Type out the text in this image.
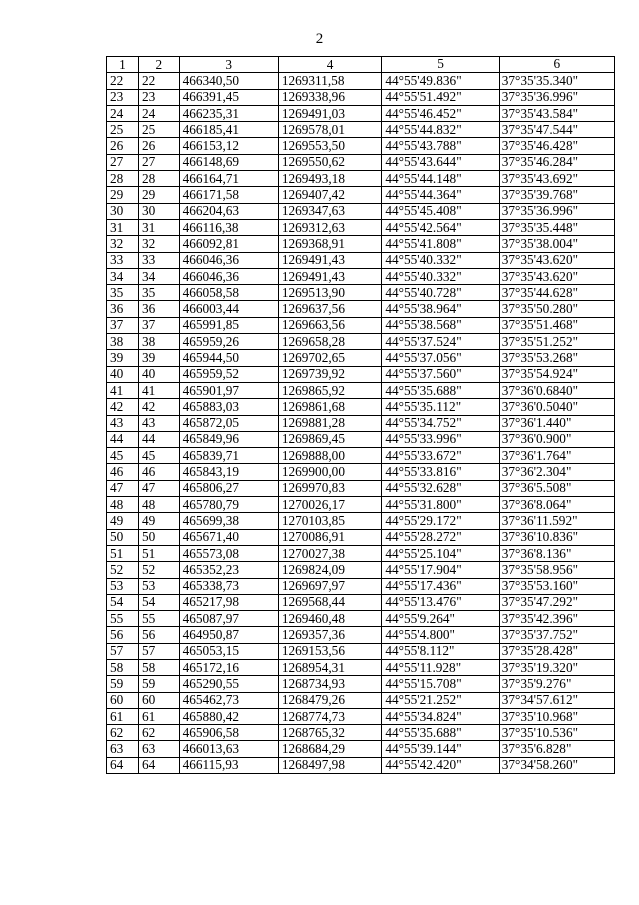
2
1	2	3	4	5	6
22	22	466340,50	1269311,58	44°55'49.836"	37°35'35.340"
23	23	466391,45	1269338,96	44°55'51.492"	37°35'36.996"
24	24	466235,31	1269491,03	44°55'46.452"	37°35'43.584"
25	25	466185,41	1269578,01	44°55'44.832"	37°35'47.544"
26	26	466153,12	1269553,50	44°55'43.788"	37°35'46.428"
27	27	466148,69	1269550,62	44°55'43.644"	37°35'46.284"
28	28	466164,71	1269493,18	44°55'44.148"	37°35'43.692"
29	29	466171,58	1269407,42	44°55'44.364"	37°35'39.768"
30	30	466204,63	1269347,63	44°55'45.408"	37°35'36.996"
31	31	466116,38	1269312,63	44°55'42.564"	37°35'35.448"
32	32	466092,81	1269368,91	44°55'41.808"	37°35'38.004"
33	33	466046,36	1269491,43	44°55'40.332"	37°35'43.620"
34	34	466046,36	1269491,43	44°55'40.332"	37°35'43.620"
35	35	466058,58	1269513,90	44°55'40.728"	37°35'44.628"
36	36	466003,44	1269637,56	44°55'38.964"	37°35'50.280"
37	37	465991,85	1269663,56	44°55'38.568"	37°35'51.468"
38	38	465959,26	1269658,28	44°55'37.524"	37°35'51.252"
39	39	465944,50	1269702,65	44°55'37.056"	37°35'53.268"
40	40	465959,52	1269739,92	44°55'37.560"	37°35'54.924"
41	41	465901,97	1269865,92	44°55'35.688"	37°36'0.6840"
42	42	465883,03	1269861,68	44°55'35.112"	37°36'0.5040"
43	43	465872,05	1269881,28	44°55'34.752"	37°36'1.440"
44	44	465849,96	1269869,45	44°55'33.996"	37°36'0.900"
45	45	465839,71	1269888,00	44°55'33.672"	37°36'1.764"
46	46	465843,19	1269900,00	44°55'33.816"	37°36'2.304"
47	47	465806,27	1269970,83	44°55'32.628"	37°36'5.508"
48	48	465780,79	1270026,17	44°55'31.800"	37°36'8.064"
49	49	465699,38	1270103,85	44°55'29.172"	37°36'11.592"
50	50	465671,40	1270086,91	44°55'28.272"	37°36'10.836"
51	51	465573,08	1270027,38	44°55'25.104"	37°36'8.136"
52	52	465352,23	1269824,09	44°55'17.904"	37°35'58.956"
53	53	465338,73	1269697,97	44°55'17.436"	37°35'53.160"
54	54	465217,98	1269568,44	44°55'13.476"	37°35'47.292"
55	55	465087,97	1269460,48	44°55'9.264"	37°35'42.396"
56	56	464950,87	1269357,36	44°55'4.800"	37°35'37.752"
57	57	465053,15	1269153,56	44°55'8.112"	37°35'28.428"
58	58	465172,16	1268954,31	44°55'11.928"	37°35'19.320"
59	59	465290,55	1268734,93	44°55'15.708"	37°35'9.276"
60	60	465462,73	1268479,26	44°55'21.252"	37°34'57.612"
61	61	465880,42	1268774,73	44°55'34.824"	37°35'10.968"
62	62	465906,58	1268765,32	44°55'35.688"	37°35'10.536"
63	63	466013,63	1268684,29	44°55'39.144"	37°35'6.828"
64	64	466115,93	1268497,98	44°55'42.420"	37°34'58.260"
